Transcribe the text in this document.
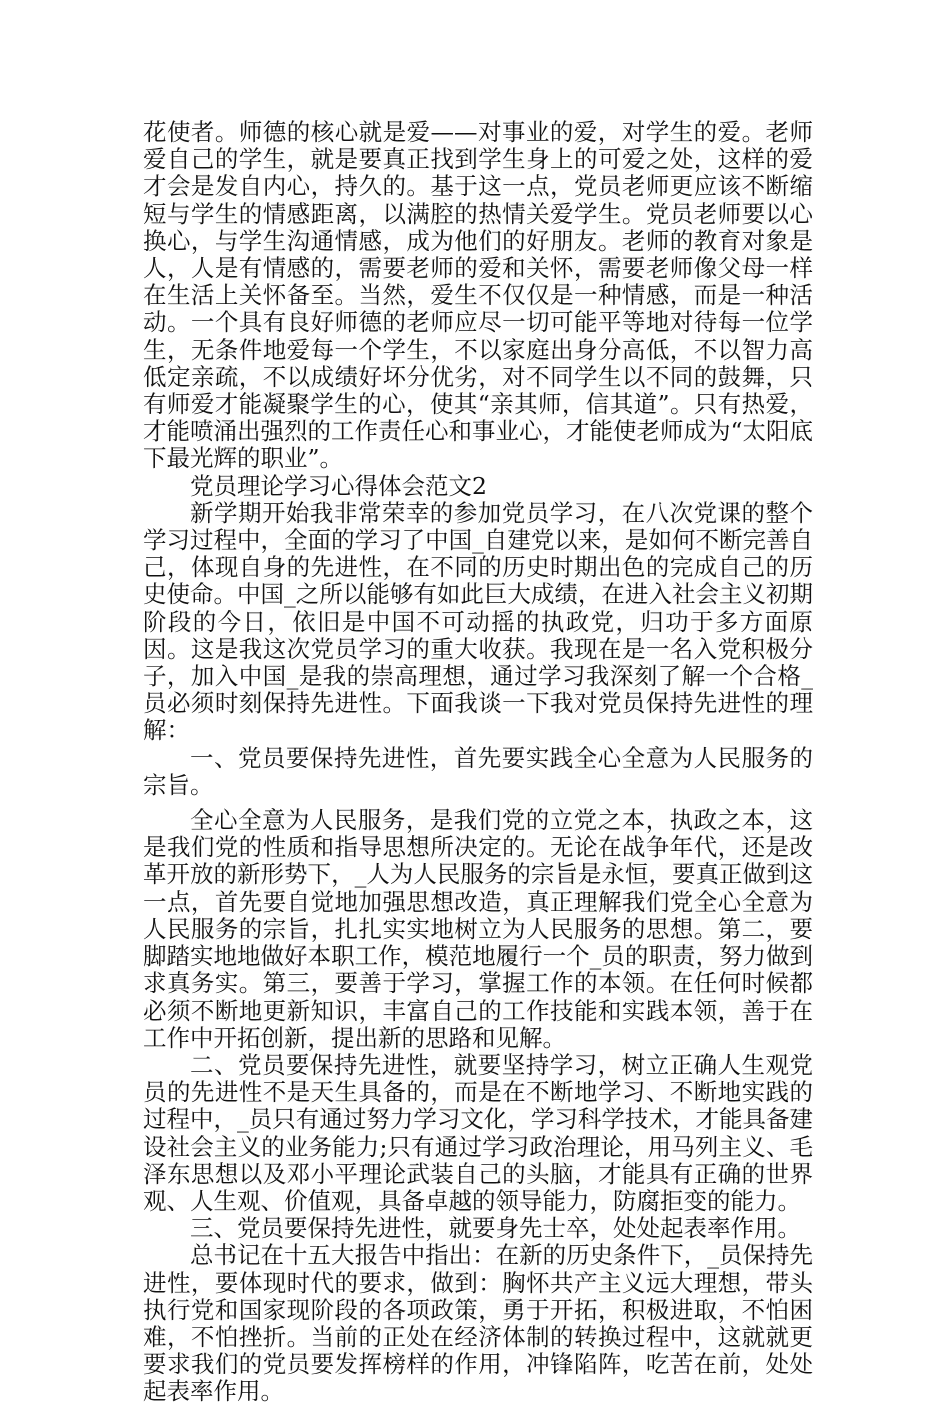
花使者。师德的核心就是爱——对事业的爱，对学生的爱。老师爱自己的学生，就是要真正找到学生身上的可爱之处，这样的爱才会是发自内心，持久的。基于这一点，党员老师更应该不断缩短与学生的情感距离，以满腔的热情关爱学生。党员老师要以心换心，与学生沟通情感，成为他们的好朋友。老师的教育对象是人，人是有情感的，需要老师的爱和关怀，需要老师像父母一样在生活上关怀备至。当然，爱生不仅仅是一种情感，而是一种活动。一个具有良好师德的老师应尽一切可能平等地对待每一位学生，无条件地爱每一个学生，不以家庭出身分高低，不以智力高低定亲疏，不以成绩好坏分优劣，对不同学生以不同的鼓舞，只有师爱才能凝聚学生的心，使其“亲其师，信其道”。只有热爱，才能喷涌出强烈的工作责任心和事业心，才能使老师成为“太阳底下最光辉的职业”。

党员理论学习心得体会范文2

新学期开始我非常荣幸的参加党员学习，在八次党课的整个学习过程中，全面的学习了中国_自建党以来，是如何不断完善自己，体现自身的先进性，在不同的历史时期出色的完成自己的历史使命。中国_之所以能够有如此巨大成绩，在进入社会主义初期阶段的今日，依旧是中国不可动摇的执政党，归功于多方面原因。这是我这次党员学习的重大收获。我现在是一名入党积极分子，加入中国_是我的崇高理想，通过学习我深刻了解一个合格_员必须时刻保持先进性。下面我谈一下我对党员保持先进性的理解：

一、党员要保持先进性，首先要实践全心全意为人民服务的宗旨。

全心全意为人民服务，是我们党的立党之本，执政之本，这是我们党的性质和指导思想所决定的。无论在战争年代，还是改革开放的新形势下，_人为人民服务的宗旨是永恒，要真正做到这一点，首先要自觉地加强思想改造，真正理解我们党全心全意为人民服务的宗旨，扎扎实实地树立为人民服务的思想。第二，要脚踏实地地做好本职工作，模范地履行一个_员的职责，努力做到求真务实。第三，要善于学习，掌握工作的本领。在任何时候都必须不断地更新知识，丰富自己的工作技能和实践本领，善于在工作中开拓创新，提出新的思路和见解。

二、党员要保持先进性，就要坚持学习，树立正确人生观党员的先进性不是天生具备的，而是在不断地学习、不断地实践的过程中，_员只有通过努力学习文化，学习科学技术，才能具备建设社会主义的业务能力;只有通过学习政治理论，用马列主义、毛泽东思想以及邓小平理论武装自己的头脑，才能具有正确的世界观、人生观、价值观，具备卓越的领导能力，防腐拒变的能力。

三、党员要保持先进性，就要身先士卒，处处起表率作用。

总书记在十五大报告中指出：在新的历史条件下，_员保持先进性，要体现时代的要求，做到：胸怀共产主义远大理想，带头执行党和国家现阶段的各项政策，勇于开拓，积极进取，不怕困难，不怕挫折。当前的正处在经济体制的转换过程中，这就就更要求我们的党员要发挥榜样的作用，冲锋陷阵，吃苦在前，处处起表率作用。
